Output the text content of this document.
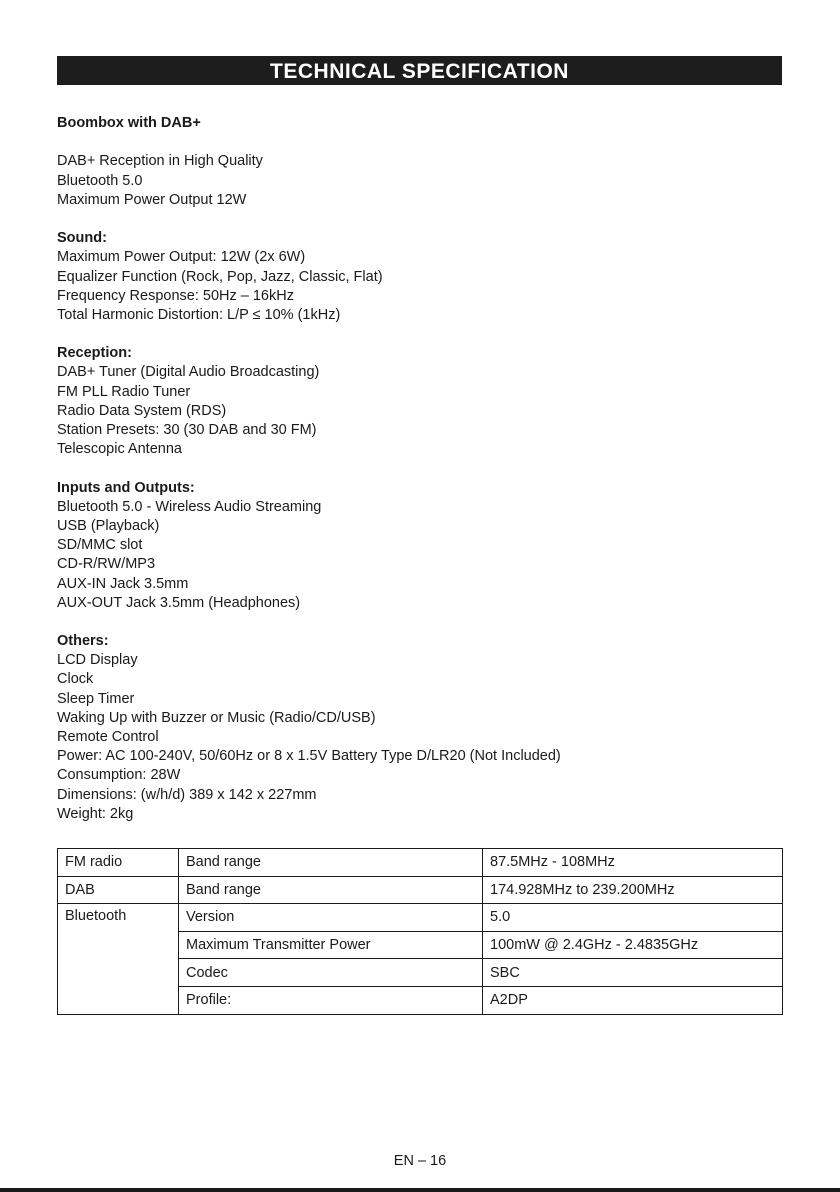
TECHNICAL SPECIFICATION
Boombox with DAB+
DAB+ Reception in High Quality
Bluetooth 5.0
Maximum Power Output 12W
Sound:
Maximum Power Output: 12W (2x 6W)
Equalizer Function (Rock, Pop, Jazz, Classic, Flat)
Frequency Response: 50Hz – 16kHz
Total Harmonic Distortion: L/P ≤ 10% (1kHz)
Reception:
DAB+ Tuner (Digital Audio Broadcasting)
FM PLL Radio Tuner
Radio Data System (RDS)
Station Presets: 30 (30 DAB and 30 FM)
Telescopic Antenna
Inputs and Outputs:
Bluetooth 5.0 - Wireless Audio Streaming
USB (Playback)
SD/MMC slot
CD-R/RW/MP3
AUX-IN Jack 3.5mm
AUX-OUT Jack 3.5mm (Headphones)
Others:
LCD Display
Clock
Sleep Timer
Waking Up with Buzzer or Music (Radio/CD/USB)
Remote Control
Power: AC 100-240V, 50/60Hz or 8 x 1.5V Battery Type D/LR20 (Not Included)
Consumption: 28W
Dimensions: (w/h/d) 389 x 142 x 227mm
Weight: 2kg
FM radio	Band range	87.5MHz - 108MHz
DAB	Band range	174.928MHz to 239.200MHz
Bluetooth	Version	5.0
	Maximum Transmitter Power	100mW @ 2.4GHz - 2.4835GHz
	Codec	SBC
	Profile:	A2DP
EN – 16
